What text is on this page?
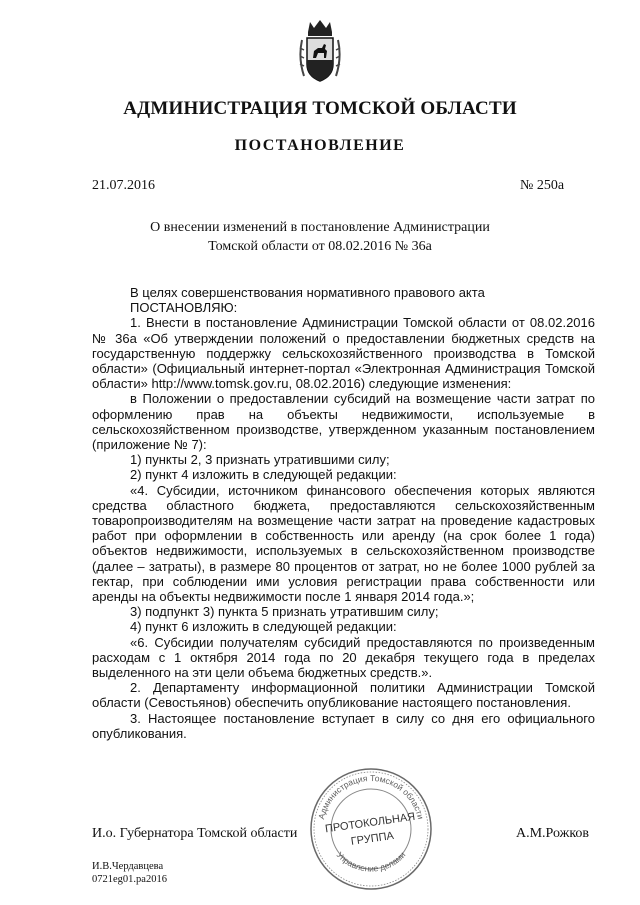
АДМИНИСТРАЦИЯ ТОМСКОЙ ОБЛАСТИ
ПОСТАНОВЛЕНИЕ
21.07.2016	№ 250а
О внесении изменений в постановление Администрации
Томской области от 08.02.2016 № 36а

В целях совершенствования нормативного правового акта

ПОСТАНОВЛЯЮ:

1. Внести в постановление Администрации Томской области от 08.02.2016 № 36а «Об утверждении положений о предоставлении бюджетных средств на государственную поддержку сельскохозяйственного производства в Томской области» (Официальный интернет-портал «Электронная Администрация Томской области» http://www.tomsk.gov.ru, 08.02.2016) следующие изменения:

в Положении о предоставлении субсидий на возмещение части затрат по оформлению прав на объекты недвижимости, используемые в сельскохозяйственном производстве, утвержденном указанным постановлением (приложение № 7):

1) пункты 2, 3 признать утратившими силу;

2) пункт 4 изложить в следующей редакции:

«4. Субсидии, источником финансового обеспечения которых являются средства областного бюджета, предоставляются сельскохозяйственным товаропроизводителям на возмещение части затрат на проведение кадастровых работ при оформлении в собственность или аренду (на срок более 1 года) объектов недвижимости, используемых в сельскохозяйственном производстве (далее – затраты), в размере 80 процентов от затрат, но не более 1000 рублей за гектар, при соблюдении ими условия регистрации права собственности или аренды на объекты недвижимости после 1 января 2014 года.»;

3) подпункт 3) пункта 5 признать утратившим силу;

4) пункт 6 изложить в следующей редакции:

«6. Субсидии получателям субсидий предоставляются по произведенным расходам с 1 октября 2014 года по 20 декабря текущего года в пределах выделенного на эти цели объема бюджетных средств.».

2. Департаменту информационной политики Администрации Томской области (Севостьянов) обеспечить опубликование настоящего постановления.

3. Настоящее постановление вступает в силу со дня его официального опубликования.

Администрация Томской области
Управление делами
ПРОТОКОЛЬНАЯ
ГРУППА
И.о. Губернатора Томской области	А.М.Рожков
И.В.Чердавцева
0721eg01.ра2016
